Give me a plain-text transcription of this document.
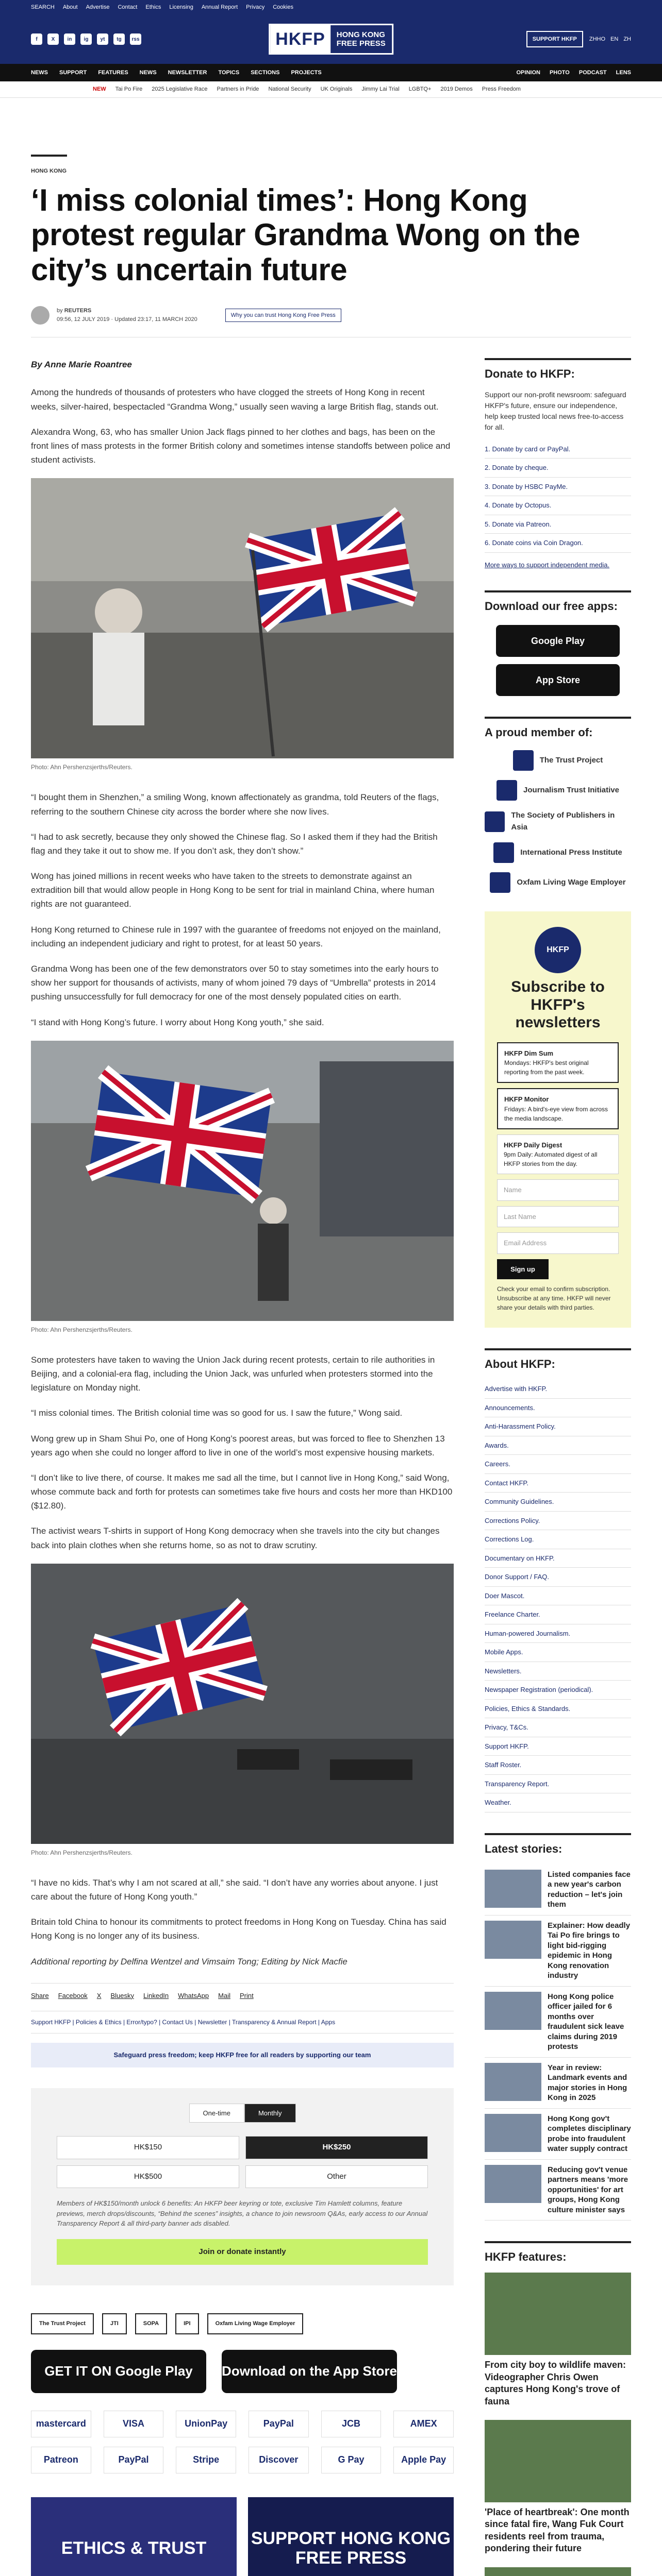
SEARCH About Advertise Contact Ethics Licensing Annual Report Privacy Cookies
f	X	in	ig	yt	tg	rss	HKFP	HONG KONG
FREE PRESS
SUPPORT HKFP	ZHHO EN ZH
NEWS SUPPORT FEATURES NEWS NEWSLETTER TOPICS SECTIONS PROJECTS	OPINION PHOTO PODCAST LENS
NEW Tai Po Fire 2025 Legislative Race Partners in Pride National Security UK Originals Jimmy Lai Trial LGBTQ+ 2019 Demos Press Freedom
HONG KONG
‘I miss colonial times’: Hong Kong protest regular Grandma Wong on the city’s uncertain future
by REUTERS
09:56, 12 JULY 2019 · Updated 23:17, 11 MARCH 2020
Why you can trust Hong Kong Free Press
By Anne Marie Roantree

Among the hundreds of thousands of protesters who have clogged the streets of Hong Kong in recent weeks, silver-haired, bespectacled “Grandma Wong,” usually seen waving a large British flag, stands out.

Alexandra Wong, 63, who has smaller Union Jack flags pinned to her clothes and bags, has been on the front lines of mass protests in the former British colony and sometimes intense standoffs between police and student activists.

Photo: Ahn Pershenzsjerths/Reuters.

“I bought them in Shenzhen,” a smiling Wong, known affectionately as grandma, told Reuters of the flags, referring to the southern Chinese city across the border where she now lives.

“I had to ask secretly, because they only showed the Chinese flag. So I asked them if they had the British flag and they take it out to show me. If you don’t ask, they don’t show.”

Wong has joined millions in recent weeks who have taken to the streets to demonstrate against an extradition bill that would allow people in Hong Kong to be sent for trial in mainland China, where human rights are not guaranteed.

Hong Kong returned to Chinese rule in 1997 with the guarantee of freedoms not enjoyed on the mainland, including an independent judiciary and right to protest, for at least 50 years.

Grandma Wong has been one of the few demonstrators over 50 to stay sometimes into the early hours to show her support for thousands of activists, many of whom joined 79 days of “Umbrella” protests in 2014 pushing unsuccessfully for full democracy for one of the most densely populated cities on earth.

“I stand with Hong Kong’s future. I worry about Hong Kong youth,” she said.

Photo: Ahn Pershenzsjerths/Reuters.

Some protesters have taken to waving the Union Jack during recent protests, certain to rile authorities in Beijing, and a colonial-era flag, including the Union Jack, was unfurled when protesters stormed into the legislature on Monday night.

“I miss colonial times. The British colonial time was so good for us. I saw the future,” Wong said.

Wong grew up in Sham Shui Po, one of Hong Kong’s poorest areas, but was forced to flee to Shenzhen 13 years ago when she could no longer afford to live in one of the world’s most expensive housing markets.

“I don’t like to live there, of course. It makes me sad all the time, but I cannot live in Hong Kong,” said Wong, whose commute back and forth for protests can sometimes take five hours and costs her more than HKD100 ($12.80).

The activist wears T-shirts in support of Hong Kong democracy when she travels into the city but changes back into plain clothes when she returns home, so as not to draw scrutiny.

Photo: Ahn Pershenzsjerths/Reuters.

“I have no kids. That’s why I am not scared at all,” she said. “I don’t have any worries about anyone. I just care about the future of Hong Kong youth.”

Britain told China to honour its commitments to protect freedoms in Hong Kong on Tuesday. China has said Hong Kong is no longer any of its business.

Additional reporting by Delfina Wentzel and Vimsaim Tong; Editing by Nick Macfie

Share Facebook X Bluesky LinkedIn WhatsApp Mail Print
Support HKFP | Policies & Ethics | Error/typo? | Contact Us | Newsletter | Transparency & Annual Report | Apps
Safeguard press freedom; keep HKFP free for all readers by supporting our team
One-time	Monthly
HK$150	HK$250
HK$500	Other
Members of HK$150/month unlock 6 benefits: An HKFP beer keyring or tote, exclusive Tim Hamlett columns, feature previews, merch drops/discounts, “Behind the scenes” insights, a chance to join newsroom Q&As, early access to our Annual Transparency Report & all third-party banner ads disabled.
Join or donate instantly
The Trust Project	JTI	SOPA	IPI	Oxfam Living Wage Employer
GET IT ON Google Play	Download on the App Store
mastercard	VISA	UnionPay	PayPal	JCB	AMEX
Patreon	PayPal	Stripe	Discover	G Pay	Apple Pay
ETHICS & TRUST	SUPPORT HONG KONG FREE PRESS

Donate to HKFP:
Support our non-profit newsroom: safeguard HKFP's future, ensure our independence, help keep trusted local news free-to-access for all.
1. Donate by card or PayPal.
2. Donate by cheque.
3. Donate by HSBC PayMe.
4. Donate by Octopus.
5. Donate via Patreon.
6. Donate coins via Coin Dragon.
More ways to support independent media.
Download our free apps:
Google Play
App Store
A proud member of:
The Trust Project
Journalism Trust Initiative
The Society of Publishers in Asia
International Press Institute
Oxfam Living Wage Employer
HKFP
Subscribe to HKFP's newsletters
HKFP Dim Sum
Mondays: HKFP's best original reporting from the past week.
HKFP Monitor
Fridays: A bird's-eye view from across the media landscape.
HKFP Daily Digest
9pm Daily: Automated digest of all HKFP stories from the day.
Name
Last Name
Email Address
Sign up
Check your email to confirm subscription. Unsubscribe at any time. HKFP will never share your details with third parties.
About HKFP:
Advertise with HKFP.
Announcements.
Anti-Harassment Policy.
Awards.
Careers.
Contact HKFP.
Community Guidelines.
Corrections Policy.
Corrections Log.
Documentary on HKFP.
Donor Support / FAQ.
Doer Mascot.
Freelance Charter.
Human-powered Journalism.
Mobile Apps.
Newsletters.
Newspaper Registration (periodical).
Policies, Ethics & Standards.
Privacy, T&Cs.
Support HKFP.
Staff Roster.
Transparency Report.
Weather.
Latest stories:
Listed companies face a new year's carbon reduction – let's join them
Explainer: How deadly Tai Po fire brings to light bid-rigging epidemic in Hong Kong renovation industry
Hong Kong police officer jailed for 6 months over fraudulent sick leave claims during 2019 protests
Year in review: Landmark events and major stories in Hong Kong in 2025
Hong Kong gov't completes disciplinary probe into fraudulent water supply contract
Reducing gov't venue partners means 'more opportunities' for art groups, Hong Kong culture minister says
HKFP features:
From city boy to wildlife maven: Videographer Chris Owen captures Hong Kong's trove of fauna
'Place of heartbreak': One month since fatal fire, Wang Fuk Court residents reel from trauma, pondering their future
